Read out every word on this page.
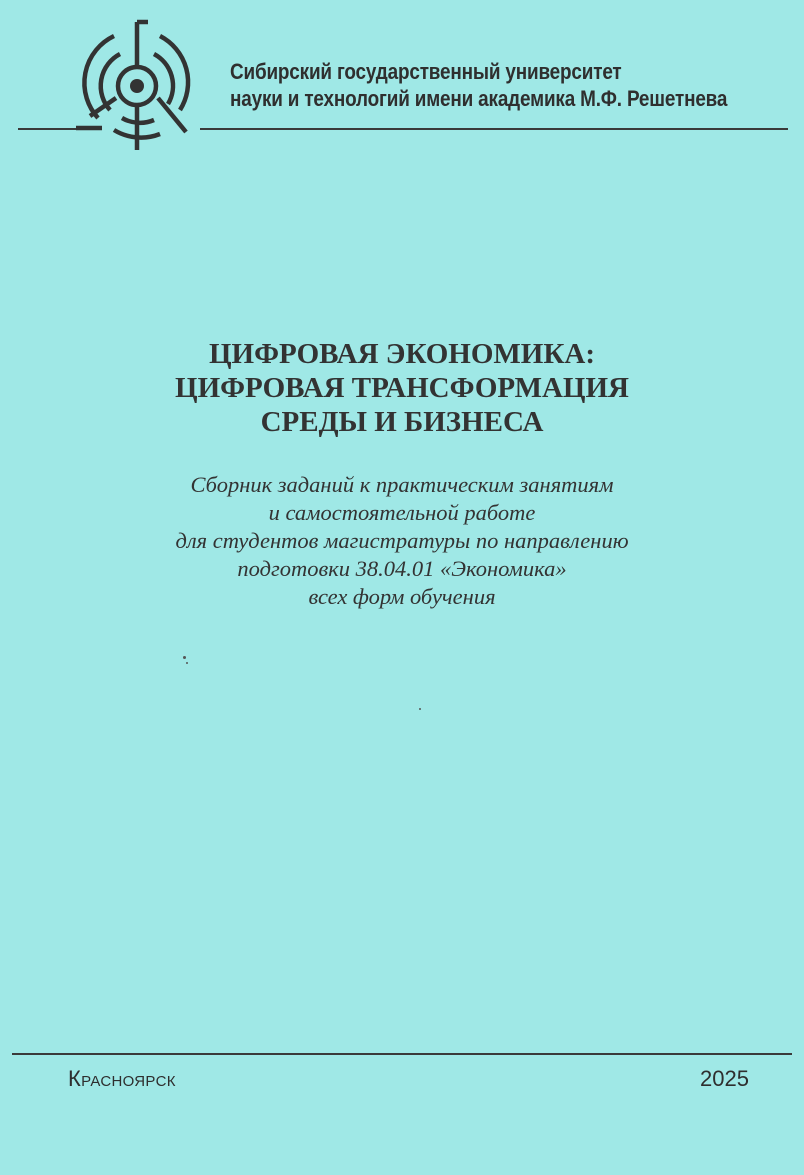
Сибирский государственный университет
науки и технологий имени академика М.Ф. Решетнева
ЦИФРОВАЯ ЭКОНОМИКА:
ЦИФРОВАЯ ТРАНСФОРМАЦИЯ
СРЕДЫ И БИЗНЕСА
Сборник заданий к практическим занятиям
и самостоятельной работе
для студентов магистратуры по направлению
подготовки 38.04.01 «Экономика»
всех форм обучения
Красноярск	2025
